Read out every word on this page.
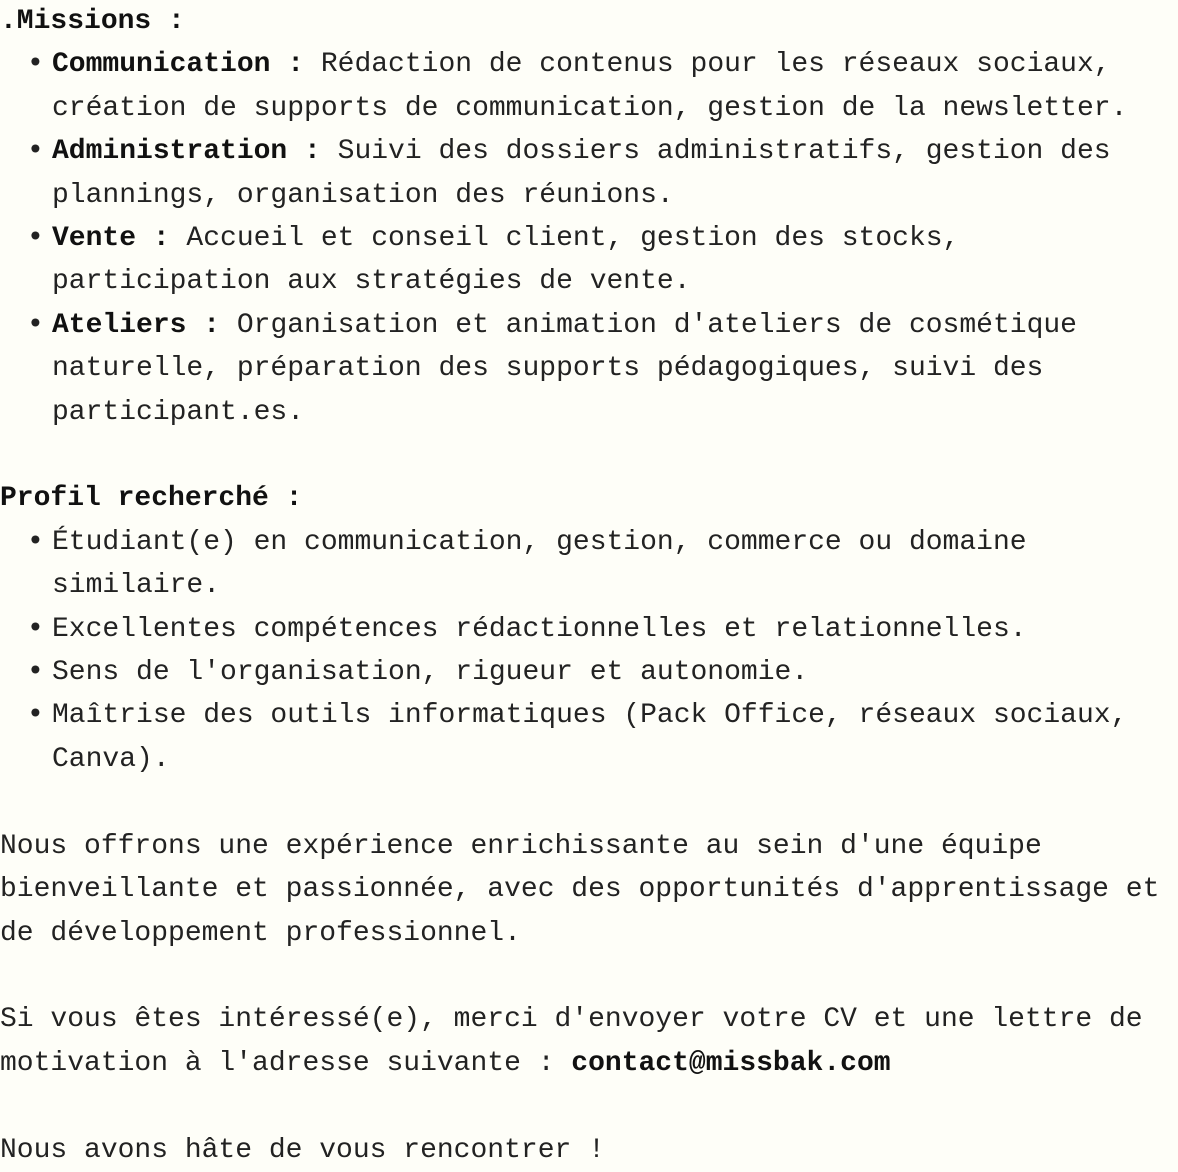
.Missions :

• Communication : Rédaction de contenus pour les réseaux sociaux, création de supports de communication, gestion de la newsletter.
• Administration : Suivi des dossiers administratifs, gestion des plannings, organisation des réunions.
• Vente : Accueil et conseil client, gestion des stocks, participation aux stratégies de vente.
• Ateliers : Organisation et animation d'ateliers de cosmétique naturelle, préparation des supports pédagogiques, suivi des participant.es.

Profil recherché :

• Étudiant(e) en communication, gestion, commerce ou domaine similaire.
• Excellentes compétences rédactionnelles et relationnelles.
• Sens de l'organisation, rigueur et autonomie.
• Maîtrise des outils informatiques (Pack Office, réseaux sociaux, Canva).

Nous offrons une expérience enrichissante au sein d'une équipe bienveillante et passionnée, avec des opportunités d'apprentissage et de développement professionnel.

Si vous êtes intéressé(e), merci d'envoyer votre CV et une lettre de motivation à l'adresse suivante : contact@missbak.com

Nous avons hâte de vous rencontrer !
